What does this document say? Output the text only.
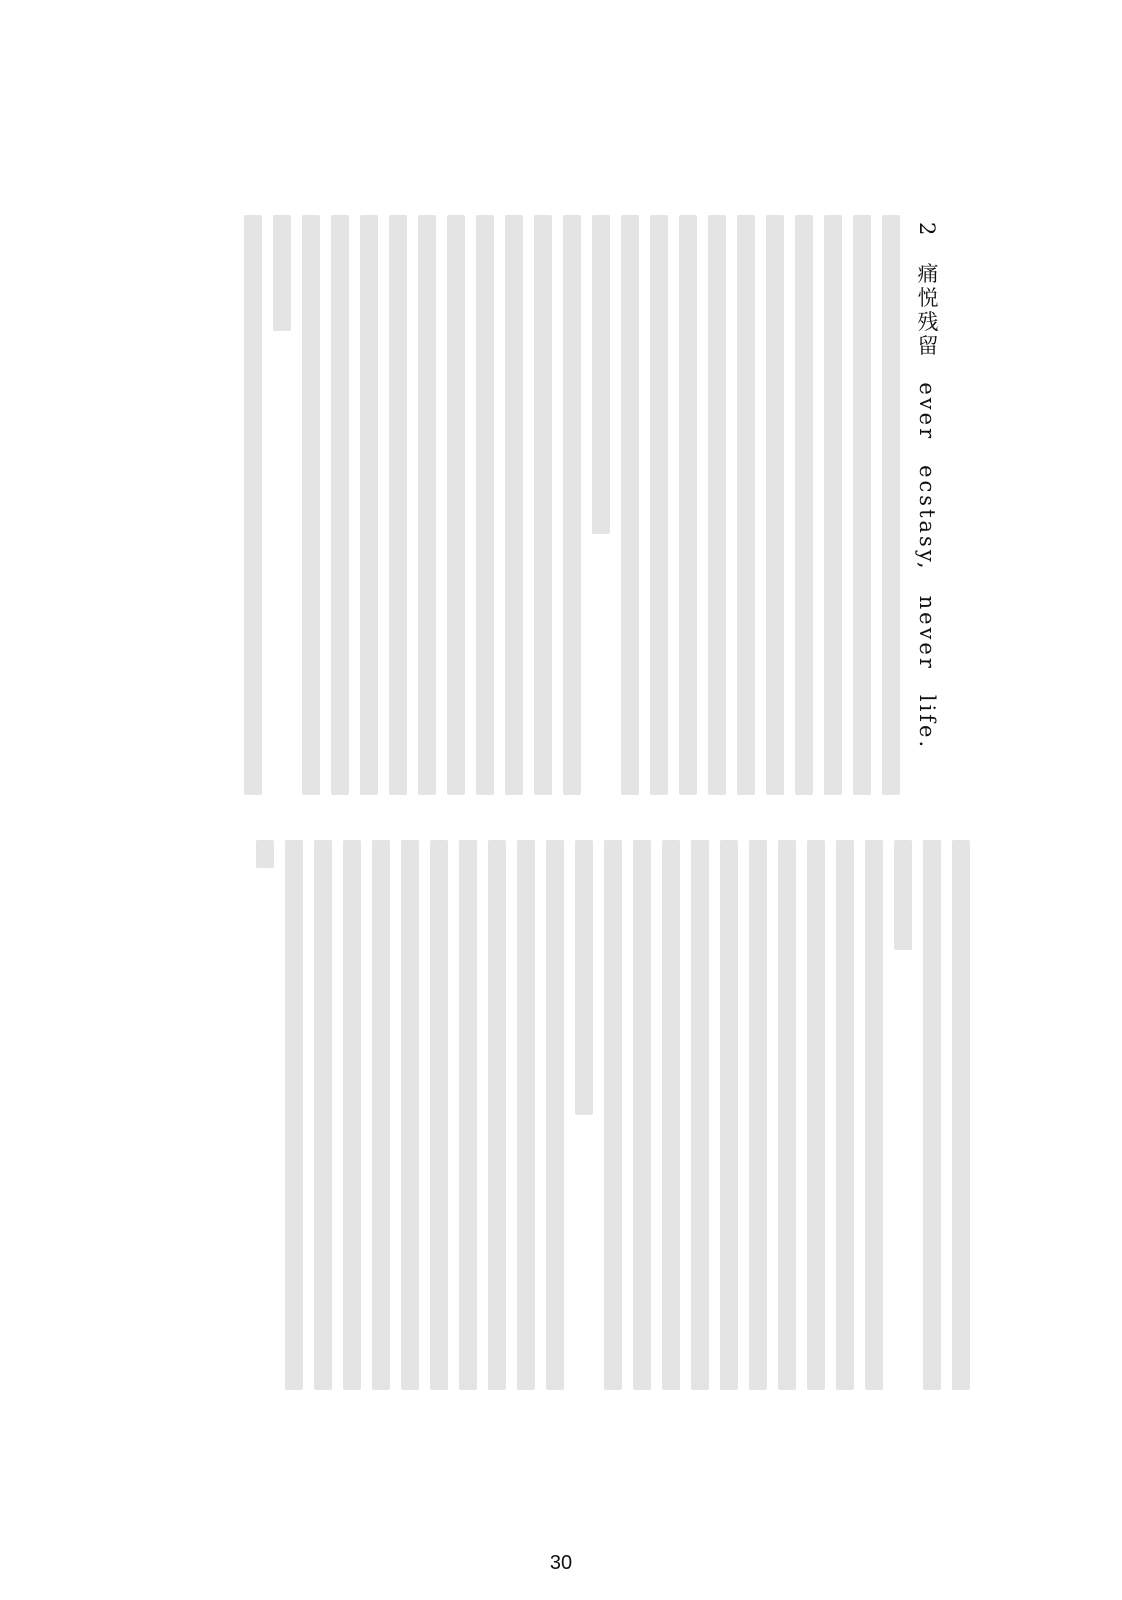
2　痛悦残留　ever　ecstasy,　never　life.
30
